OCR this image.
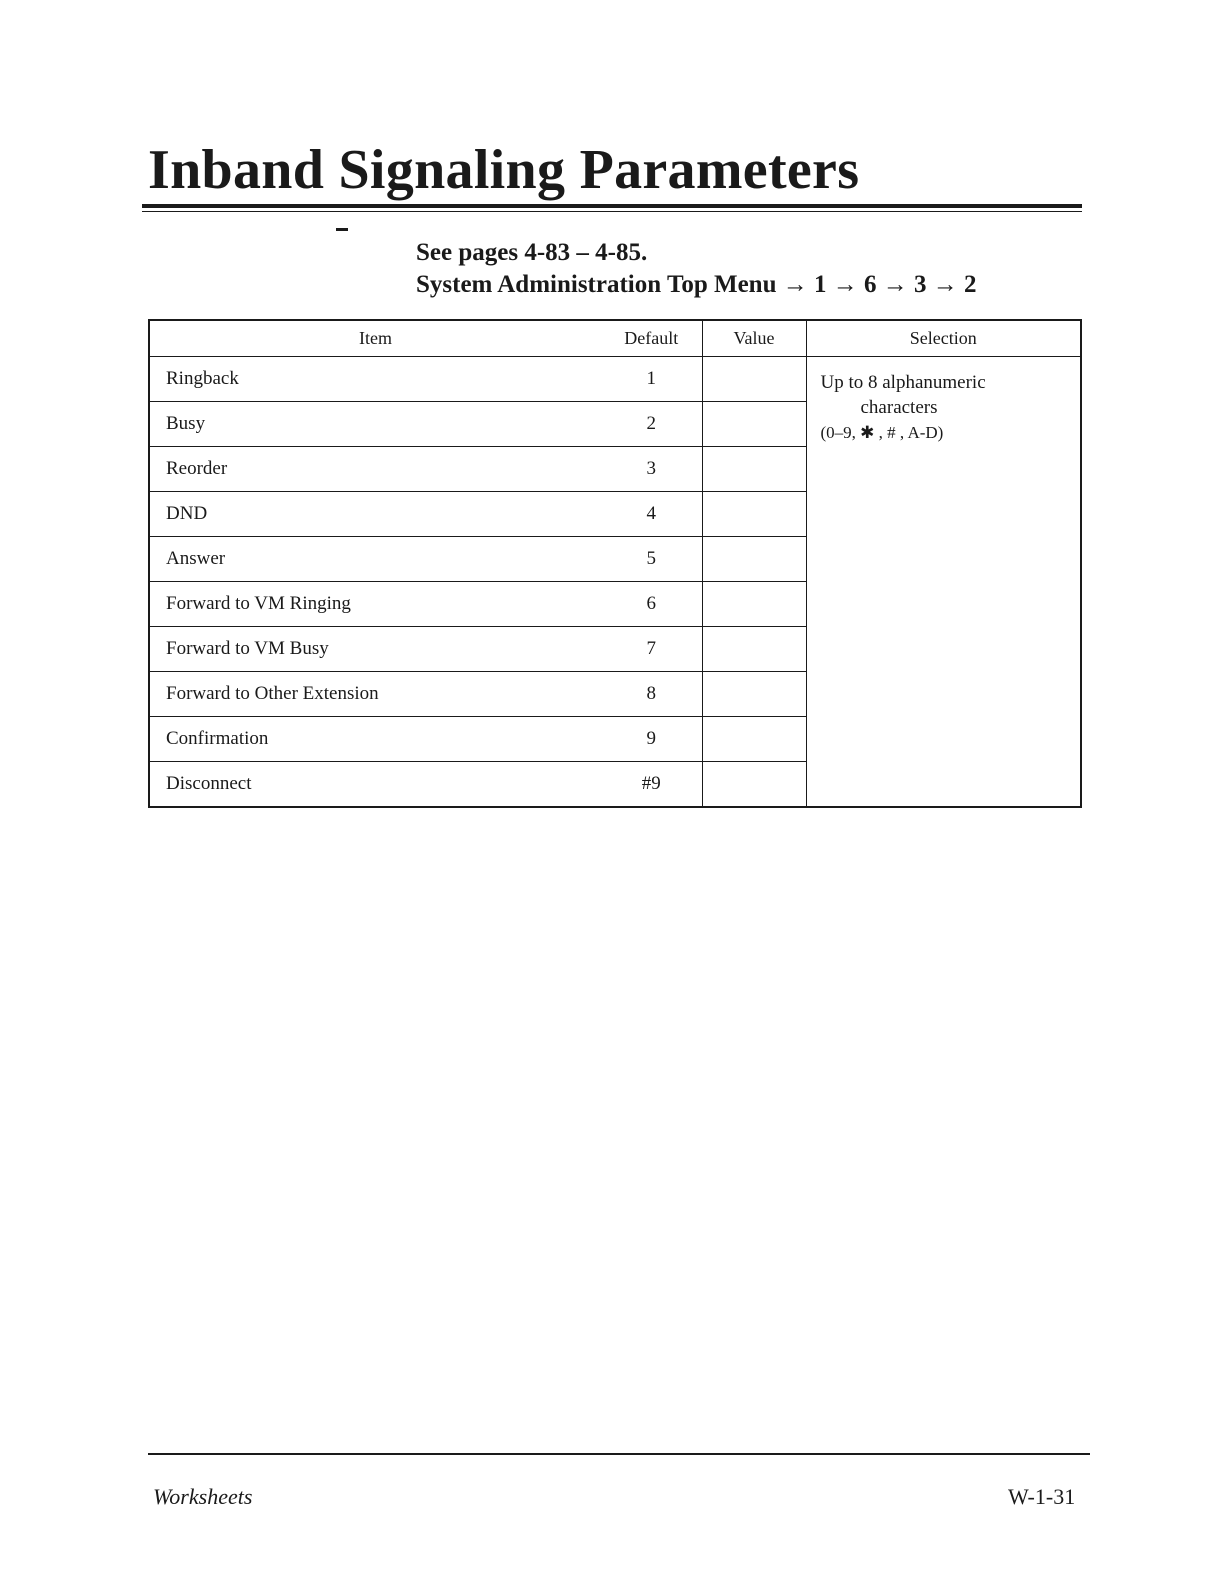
Inband Signaling Parameters
See pages 4-83 – 4-85.
System Administration Top Menu → 1 → 6 → 3 → 2
Item	Default	Value	Selection
Ringback	1		Up to 8 alphanumeric
characters
(0–9, ✱ , # , A-D)

Busy	2		
Reorder	3		
DND	4		
Answer	5		
Forward to VM Ringing	6		
Forward to VM Busy	7		
Forward to Other Extension	8		
Confirmation	9		
Disconnect	#9		
Worksheets	W-1-31
